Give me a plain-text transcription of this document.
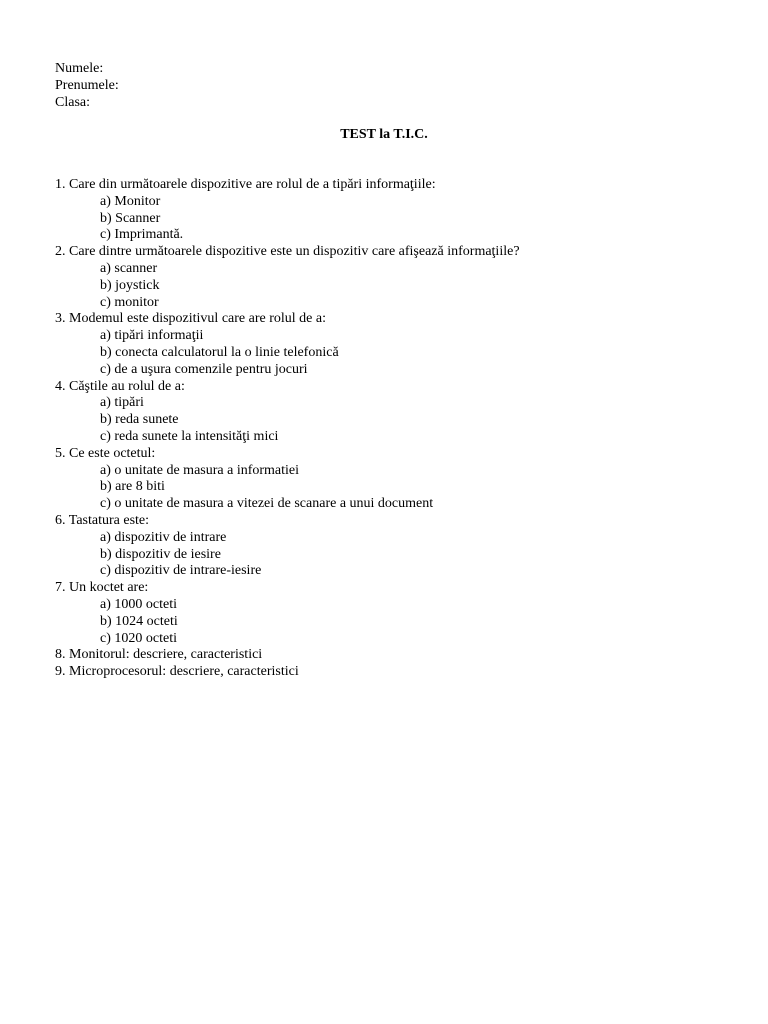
Numele:
Prenumele:
Clasa:
TEST la T.I.C.
1. Care din următoarele dispozitive are rolul de a tipări informaţiile:
a) Monitor
b) Scanner
c) Imprimantă.
2. Care dintre următoarele dispozitive este un dispozitiv care afişează informaţiile?
a) scanner
b) joystick
c) monitor
3. Modemul este dispozitivul care are rolul de a:
a) tipări informaţii
b) conecta calculatorul la o linie telefonică
c) de a uşura comenzile pentru jocuri
4. Căştile au rolul de a:
a) tipări
b) reda sunete
c) reda sunete la intensităţi mici
5. Ce este octetul:
a) o unitate de masura a informatiei
b) are 8 biti
c) o unitate de masura a vitezei de scanare a unui document
6. Tastatura este:
a) dispozitiv de intrare
b) dispozitiv de iesire
c) dispozitiv de intrare-iesire
7. Un koctet are:
a) 1000 octeti
b) 1024 octeti
c) 1020 octeti
8. Monitorul: descriere, caracteristici
9. Microprocesorul: descriere, caracteristici
